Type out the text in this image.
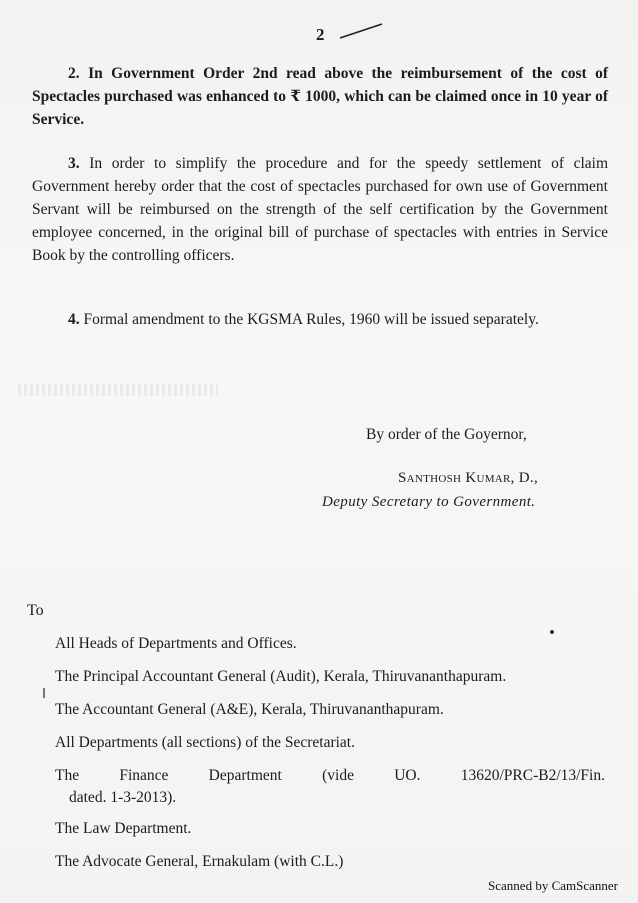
2
2. In Government Order 2nd read above the reimbursement of the cost of Spectacles purchased was enhanced to ₹ 1000, which can be claimed once in 10 year of Service.
3. In order to simplify the procedure and for the speedy settlement of claim Government hereby order that the cost of spectacles purchased for own use of Government Servant will be reimbursed on the strength of the self certification by the Government employee concerned, in the original bill of purchase of spectacles with entries in Service Book by the controlling officers.
4. Formal amendment to the KGSMA Rules, 1960 will be issued separately.
By order of the Goyernor,
Santhosh Kumar, D.,
Deputy Secretary to Government.
To
All Heads of Departments and Offices.
The Principal Accountant General (Audit), Kerala, Thiruvananthapuram.
The Accountant General (A&E), Kerala, Thiruvananthapuram.
All Departments (all sections) of the Secretariat.
The Finance Department (vide UO. 13620/PRC-B2/13/Fin.
dated. 1-3-2013).
The Law Department.
The Advocate General, Ernakulam (with C.L.)
Scanned by CamScanner
